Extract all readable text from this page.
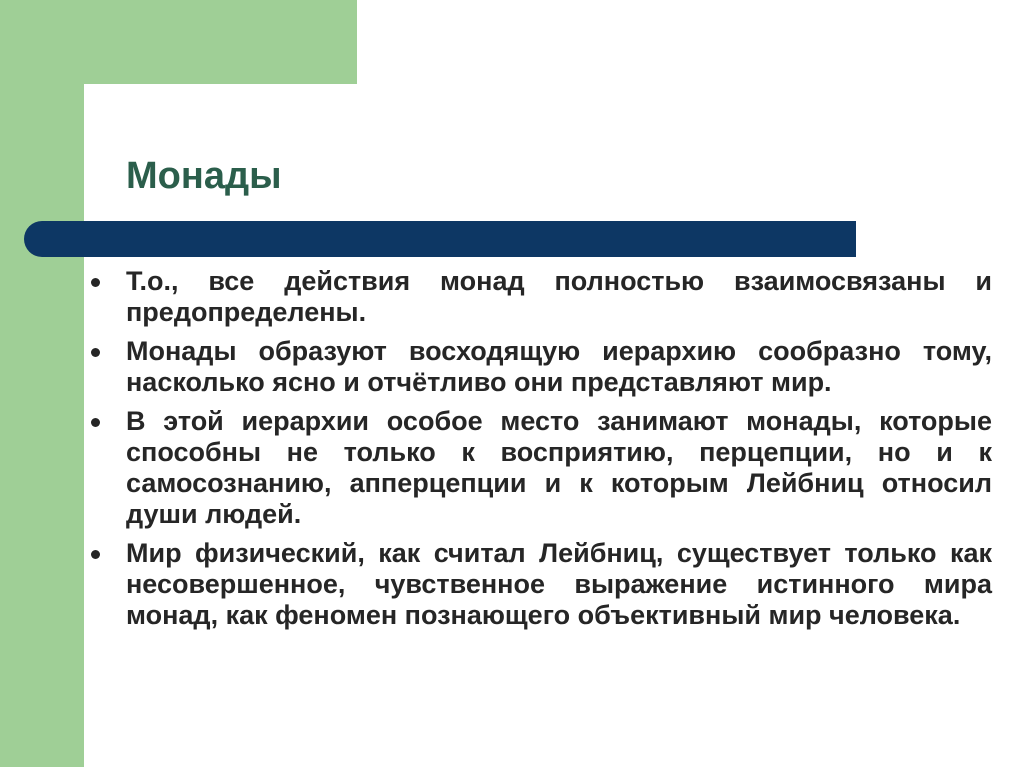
Монады
Т.о., все действия монад полностью взаимосвязаны и предопределены.
Монады образуют восходящую иерархию сообразно тому, насколько ясно и отчётливо они представляют мир.
В этой иерархии особое место занимают монады, которые способны не только к восприятию, перцепции, но и к самосознанию, апперцепции и к которым Лейбниц относил души людей.
Мир физический, как считал Лейбниц, существует только как несовершенное, чувственное выражение истинного мира монад, как феномен познающего объективный мир человека.
